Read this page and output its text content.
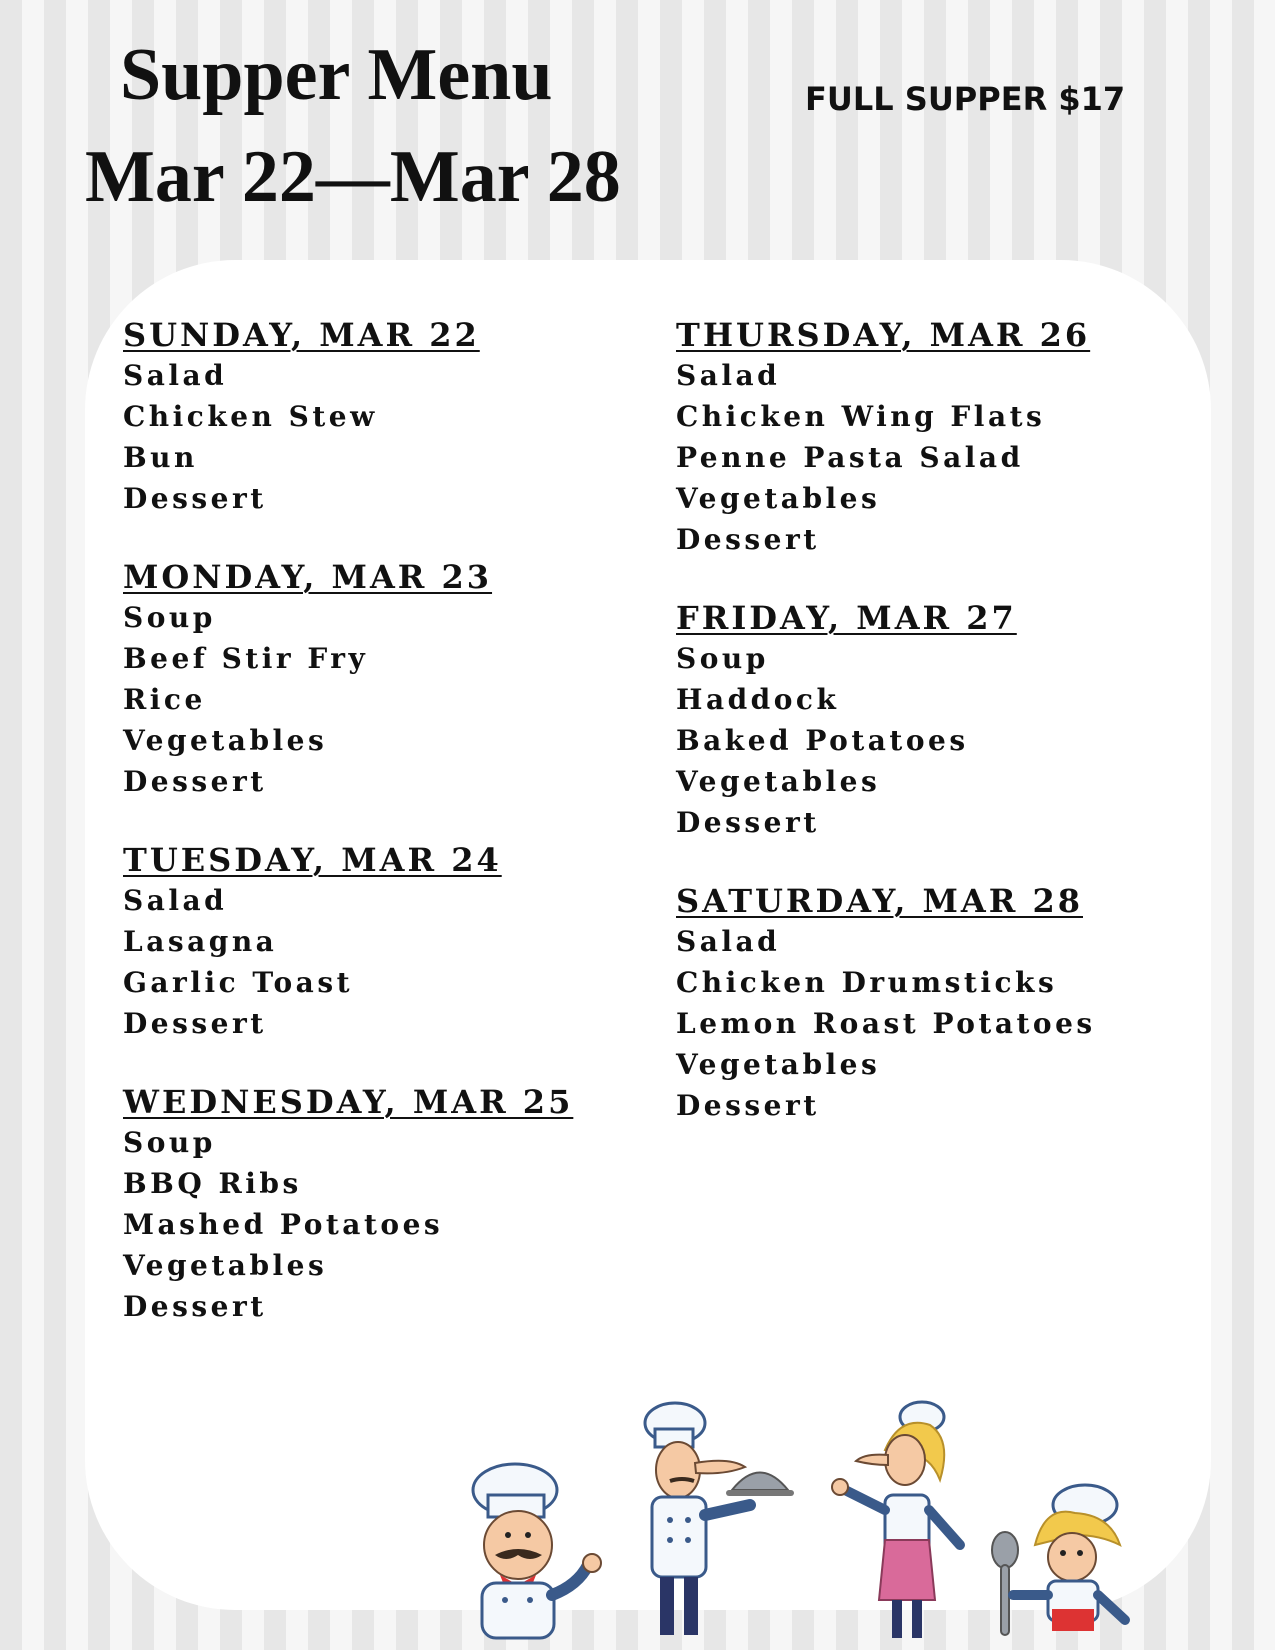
Supper Menu
Mar 22—Mar 28
FULL SUPPER $17
SUNDAY, MAR 22
Salad
Chicken Stew
Bun
Dessert
MONDAY, MAR 23
Soup
Beef Stir Fry
Rice
Vegetables
Dessert
TUESDAY, MAR 24
Salad
Lasagna
Garlic Toast
Dessert
WEDNESDAY, MAR 25
Soup
BBQ Ribs
Mashed Potatoes
Vegetables
Dessert
THURSDAY, MAR 26
Salad
Chicken Wing Flats
Penne Pasta Salad
Vegetables
Dessert
FRIDAY, MAR 27
Soup
Haddock
Baked Potatoes
Vegetables
Dessert
SATURDAY, MAR 28
Salad
Chicken Drumsticks
Lemon Roast Potatoes
Vegetables
Dessert
